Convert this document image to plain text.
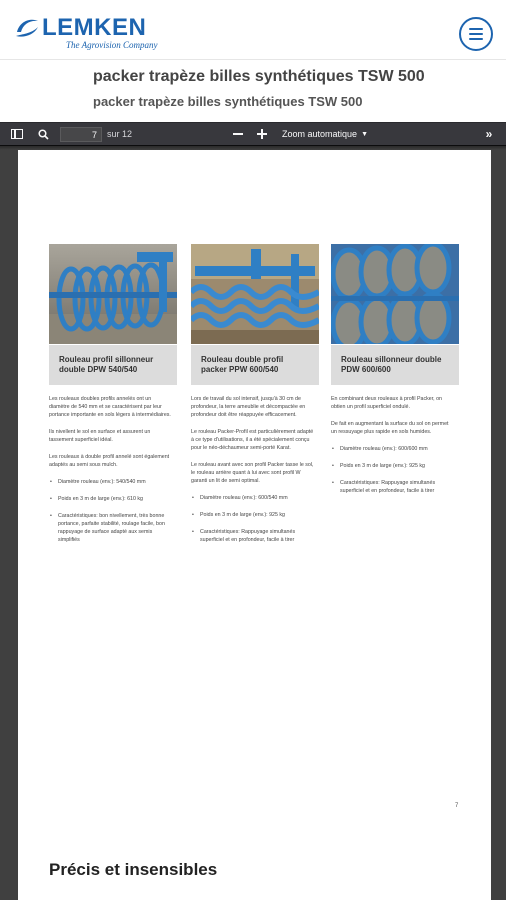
LEMKEN
The Agrovision Company
packer trapèze billes synthétiques TSW 500
packer trapèze billes synthétiques TSW 500
7
sur 12	Zoom automatique ▼	»
Rouleau profil sillonneur double DPW 540/540

Les rouleaux doubles profils annelés ont un diamètre de 540 mm et se caractérisent par leur portance importante en sols légers à intermédiaires.

Ils nivellent le sol en surface et assurent un tassement superficiel idéal.

Les rouleaux à double profil annelé sont également adaptés au semi sous mulch.

• Diamètre rouleau (env.): 540/540 mm
• Poids en 3 m de large (env.): 610 kg
• Caractéristiques: bon nivellement, très bonne portance, parfaite stabilité, roulage facile, bon rappuyage de surface adapté aux semis simplifiés
Rouleau double profil packer PPW 600/540

Lors de travail du sol intensif, jusqu'à 30 cm de profondeur, la terre ameublie et décompactée en profondeur doit être réappuyée efficacement.

Le rouleau Packer-Profil est particulièrement adapté à ce type d'utilisations, il a été spécialement conçu pour le néo-déchaumeur semi-porté Karat.

Le rouleau avant avec son profil Packer tasse le sol, le rouleau arrière quant à lui avec sont profil W garanti un lit de semi optimal.

• Diamètre rouleau (env.): 600/540 mm
• Poids en 3 m de large (env.): 925 kg
• Caractéristiques: Rappuyage simultanés superficiel et en profondeur, facile à tirer
Rouleau sillonneur double PDW 600/600

En combinant deux rouleaux à profil Packer, on obtien un profil superficiel ondulé.

De fait en augmentant la surface du sol on permet un ressuyage plus rapide en sols humides.

• Diamètre rouleau (env.): 600/600 mm
• Poids en 3 m de large (env.): 925 kg
• Caractéristiques: Rappuyage simultanés superficiel et en profondeur, facile à tirer
7
Précis et insensibles
